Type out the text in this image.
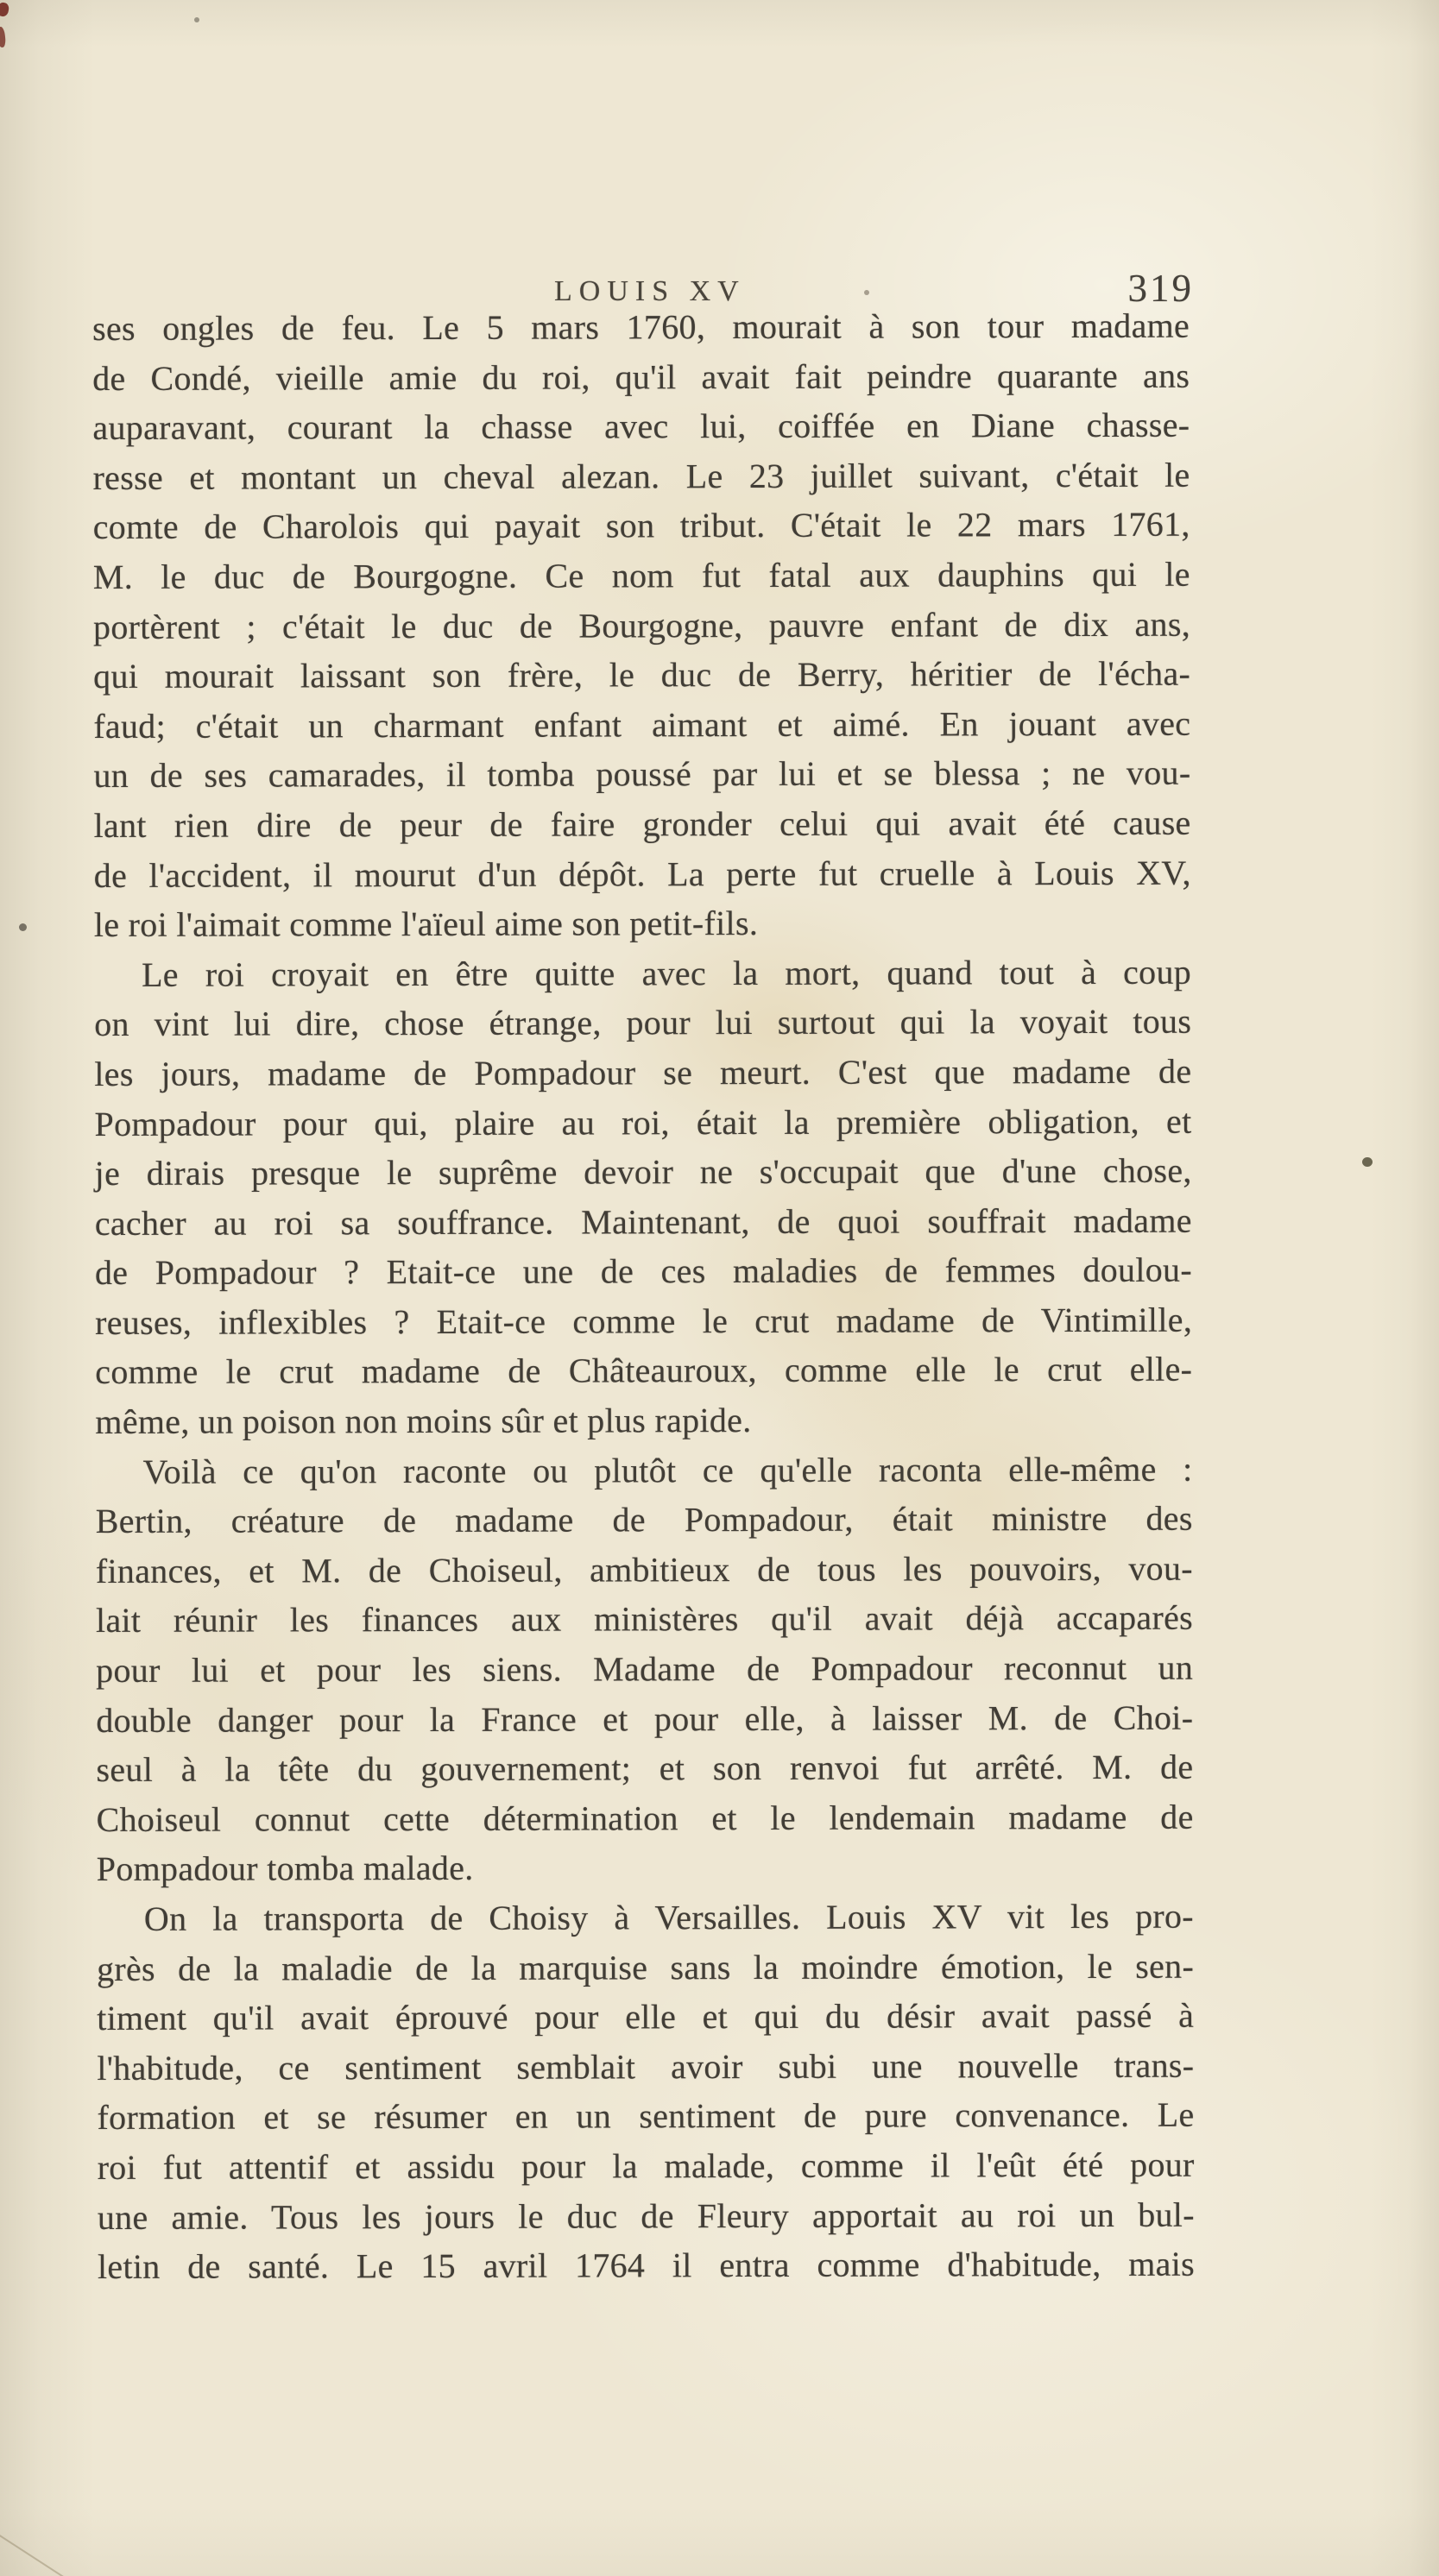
LOUIS XV	319
ses ongles de feu. Le 5 mars 1760, mourait à son tour madame
de Condé, vieille amie du roi, qu'il avait fait peindre quarante ans
auparavant, courant la chasse avec lui, coiffée en Diane chasse-
resse et montant un cheval alezan. Le 23 juillet suivant, c'était le
comte de Charolois qui payait son tribut. C'était le 22 mars 1761,
M. le duc de Bourgogne. Ce nom fut fatal aux dauphins qui le
portèrent ; c'était le duc de Bourgogne, pauvre enfant de dix ans,
qui mourait laissant son frère, le duc de Berry, héritier de l'écha-
faud; c'était un charmant enfant aimant et aimé. En jouant avec
un de ses camarades, il tomba poussé par lui et se blessa ; ne vou-
lant rien dire de peur de faire gronder celui qui avait été cause
de l'accident, il mourut d'un dépôt. La perte fut cruelle à Louis XV,
le roi l'aimait comme l'aïeul aime son petit-fils.
Le roi croyait en être quitte avec la mort, quand tout à coup
on vint lui dire, chose étrange, pour lui surtout qui la voyait tous
les jours, madame de Pompadour se meurt. C'est que madame de
Pompadour pour qui, plaire au roi, était la première obligation, et
je dirais presque le suprême devoir ne s'occupait que d'une chose,
cacher au roi sa souffrance. Maintenant, de quoi souffrait madame
de Pompadour ? Etait-ce une de ces maladies de femmes doulou-
reuses, inflexibles ? Etait-ce comme le crut madame de Vintimille,
comme le crut madame de Châteauroux, comme elle le crut elle-
même, un poison non moins sûr et plus rapide.
Voilà ce qu'on raconte ou plutôt ce qu'elle raconta elle-même :
Bertin, créature de madame de Pompadour, était ministre des
finances, et M. de Choiseul, ambitieux de tous les pouvoirs, vou-
lait réunir les finances aux ministères qu'il avait déjà accaparés
pour lui et pour les siens. Madame de Pompadour reconnut un
double danger pour la France et pour elle, à laisser M. de Choi-
seul à la tête du gouvernement; et son renvoi fut arrêté. M. de
Choiseul connut cette détermination et le lendemain madame de
Pompadour tomba malade.
On la transporta de Choisy à Versailles. Louis XV vit les pro-
grès de la maladie de la marquise sans la moindre émotion, le sen-
timent qu'il avait éprouvé pour elle et qui du désir avait passé à
l'habitude, ce sentiment semblait avoir subi une nouvelle trans-
formation et se résumer en un sentiment de pure convenance. Le
roi fut attentif et assidu pour la malade, comme il l'eût été pour
une amie. Tous les jours le duc de Fleury apportait au roi un bul-
letin de santé. Le 15 avril 1764 il entra comme d'habitude, mais
